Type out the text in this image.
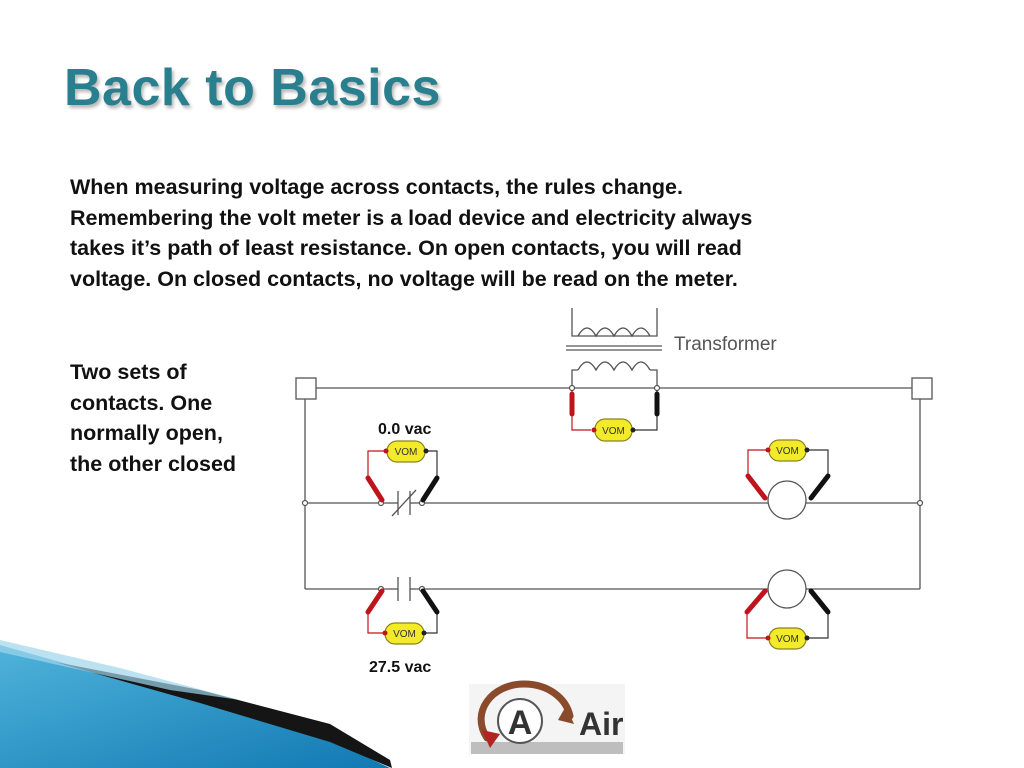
Back to Basics
When measuring voltage across contacts, the rules change.
Remembering the volt meter is a load device and electricity always
takes it’s path of least resistance. On open contacts, you will read
voltage. On closed contacts, no voltage will be read on the meter.
Two sets of
contacts. One
normally open,
the other closed
Transformer
0.0 vac
27.5 vac
VOM
VOM
VOM
VOM
VOM
A Air
